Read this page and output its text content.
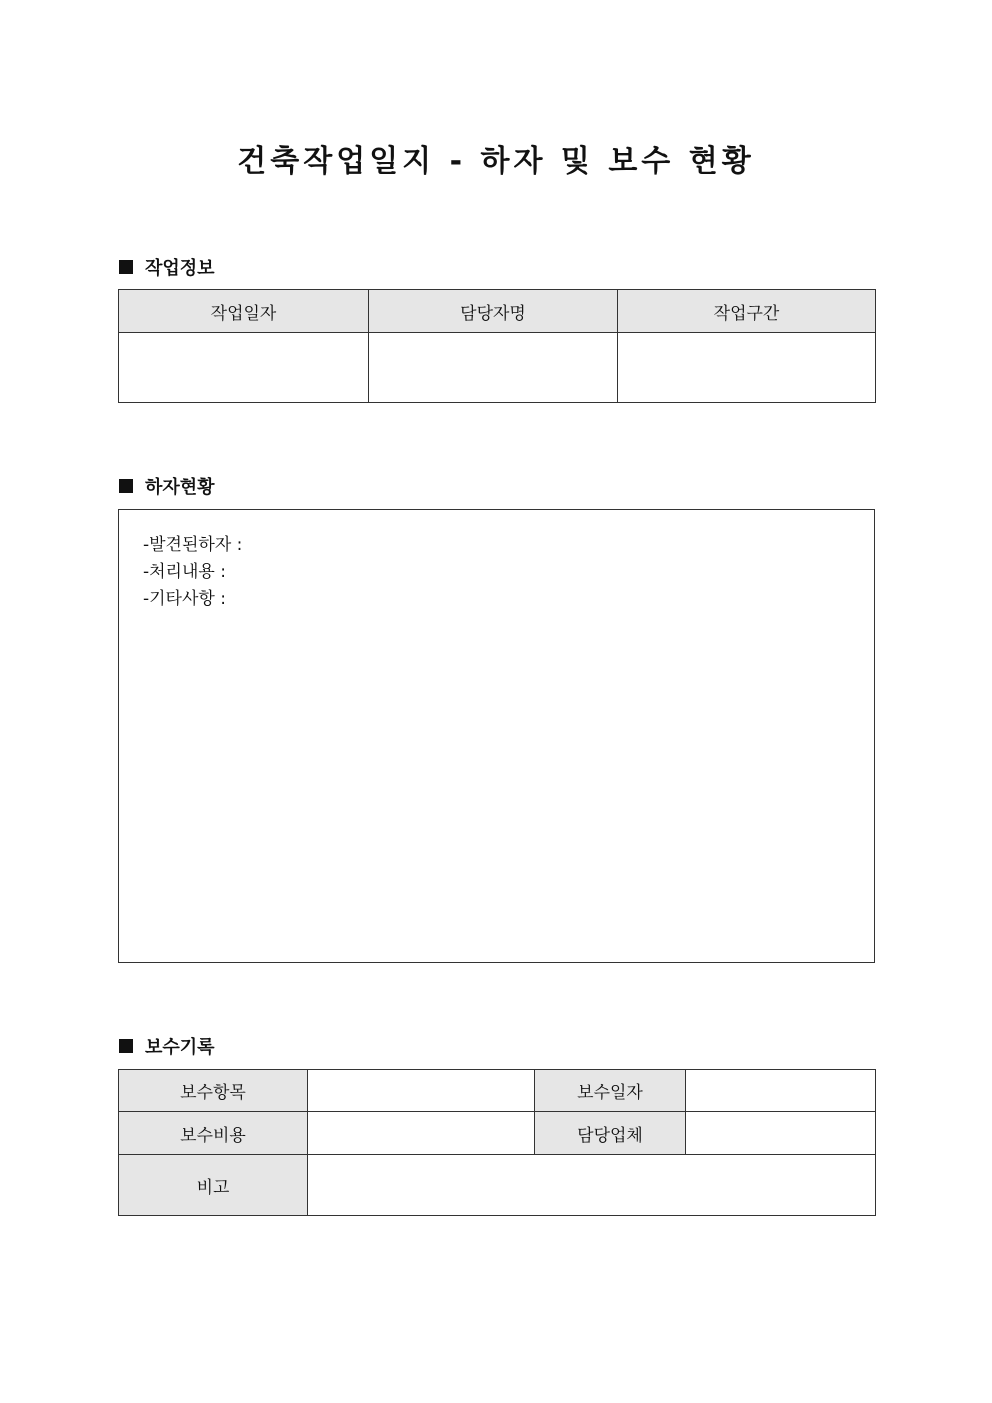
건축작업일지 - 하자 및 보수 현황
작업정보
작업일자	담당자명	작업구간

하자현황
-발견된하자 :
-처리내용 :
-기타사항 :
보수기록
보수항목		보수일자	
보수비용		담당업체	
비고			
